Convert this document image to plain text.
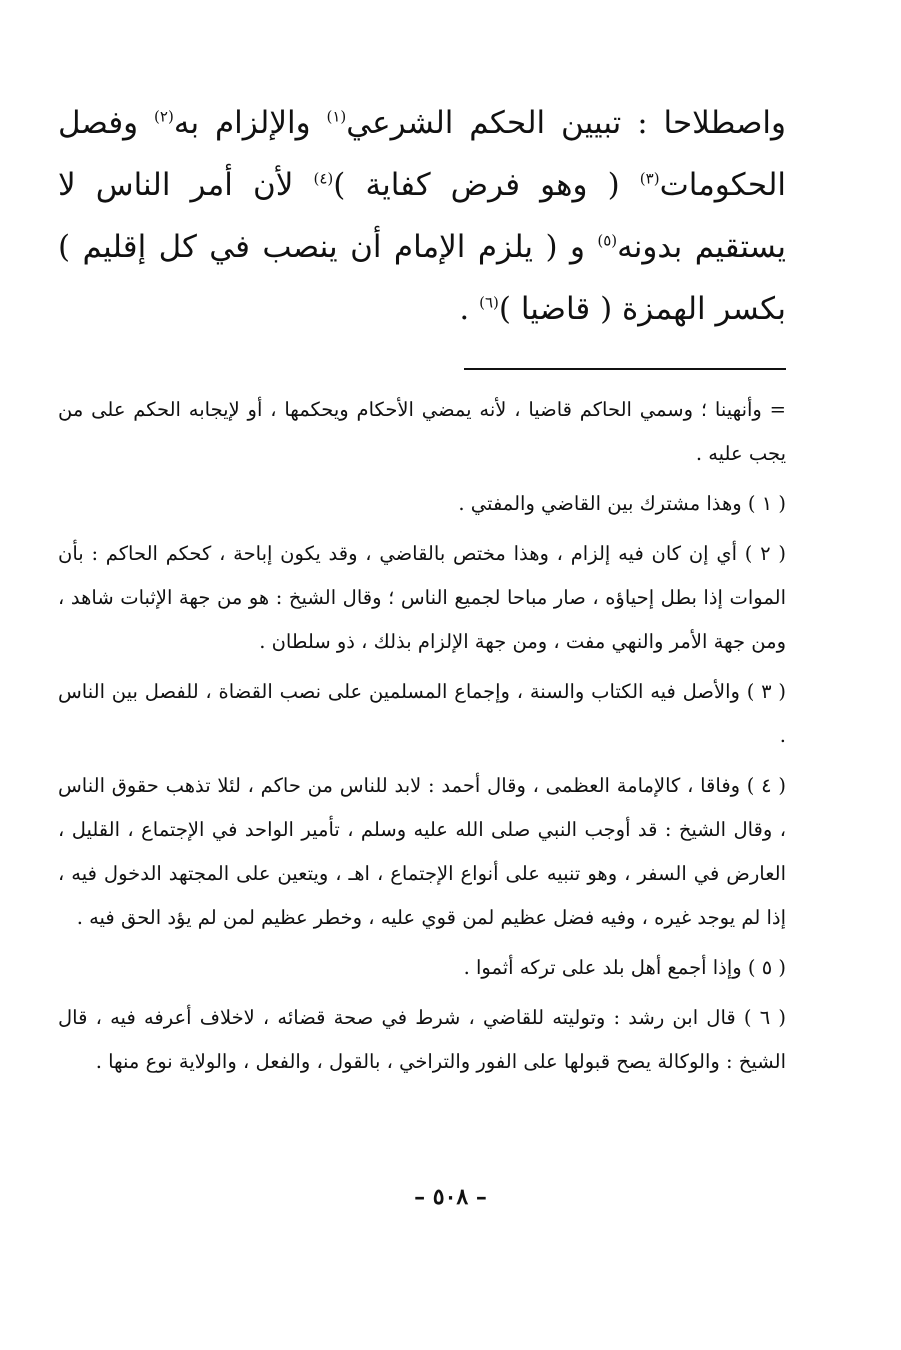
واصطلاحا : تبيين الحكم الشرعي$^{(١)}$ والإلزام به$^{(٢)}$ وفصل الحكومات$^{(٣)}$ ( وهو فرض كفاية )$^{(٤)}$ لأن أمر الناس لا يستقيم بدونه$^{(٥)}$ و ( يلزم الإمام أن ينصب في كل إقليم ) بكسر الهمزة ( قاضيا )$^{(٦)}$ .

= وأنهينا ؛ وسمي الحاكم قاضيا ، لأنه يمضي الأحكام ويحكمها ، أو لإيجابه الحكم على من يجب عليه .

( ١ ) وهذا مشترك بين القاضي والمفتي .

( ٢ ) أي إن كان فيه إلزام ، وهذا مختص بالقاضي ، وقد يكون إباحة ، كحكم الحاكم : بأن الموات إذا بطل إحياؤه ، صار مباحا لجميع الناس ؛ وقال الشيخ : هو من جهة الإثبات شاهد ، ومن جهة الأمر والنهي مفت ، ومن جهة الإلزام بذلك ، ذو سلطان .

( ٣ ) والأصل فيه الكتاب والسنة ، وإجماع المسلمين على نصب القضاة ، للفصل بين الناس .

( ٤ ) وفاقا ، كالإمامة العظمى ، وقال أحمد : لابد للناس من حاكم ، لئلا تذهب حقوق الناس ، وقال الشيخ : قد أوجب النبي صلى الله عليه وسلم ، تأمير الواحد في الإجتماع ، القليل ، العارض في السفر ، وهو تنبيه على أنواع الإجتماع ، اهـ ، ويتعين على المجتهد الدخول فيه ، إذا لم يوجد غيره ، وفيه فضل عظيم لمن قوي عليه ، وخطر عظيم لمن لم يؤد الحق فيه .

( ٥ ) وإذا أجمع أهل بلد على تركه أثموا .

( ٦ ) قال ابن رشد : وتوليته للقاضي ، شرط في صحة قضائه ، لاخلاف أعرفه فيه ، قال الشيخ : والوكالة يصح قبولها على الفور والتراخي ، بالقول ، والفعل ، والولاية نوع منها .

– ٥٠٨ –
